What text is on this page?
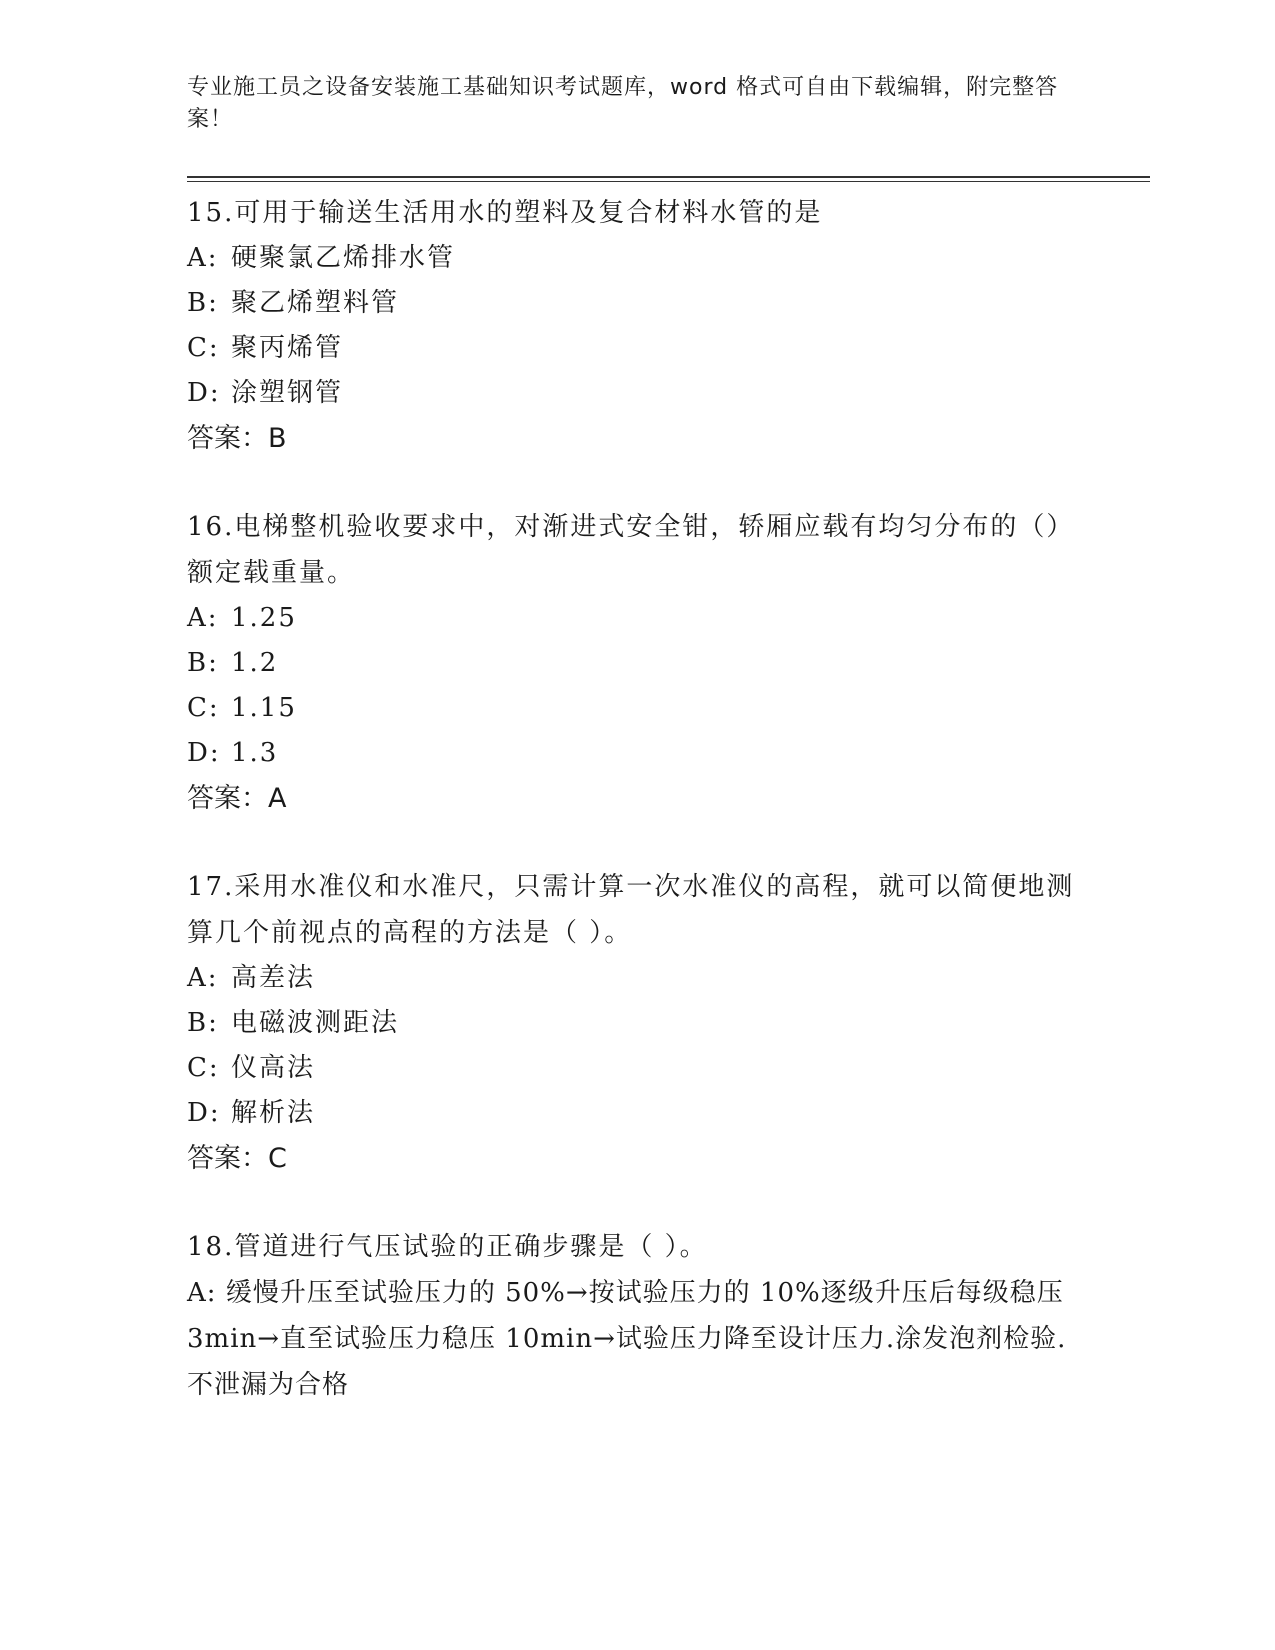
专业施工员之设备安装施工基础知识考试题库，word 格式可自由下载编辑，附完整答案！
15.可用于输送生活用水的塑料及复合材料水管的是
A: 硬聚氯乙烯排水管
B: 聚乙烯塑料管
C: 聚丙烯管
D: 涂塑钢管
答案：B
16.电梯整机验收要求中，对渐进式安全钳，轿厢应载有均匀分布的（）额定载重量。
A: 1.25
B: 1.2
C: 1.15
D: 1.3
答案：A
17.采用水准仪和水准尺，只需计算一次水准仪的高程，就可以简便地测算几个前视点的高程的方法是（ ）。
A: 高差法
B: 电磁波测距法
C: 仪高法
D: 解析法
答案：C
18.管道进行气压试验的正确步骤是（ ）。
A: 缓慢升压至试验压力的 50%→按试验压力的 10%逐级升压后每级稳压 3min→直至试验压力稳压 10min→试验压力降至设计压力.涂发泡剂检验.不泄漏为合格
